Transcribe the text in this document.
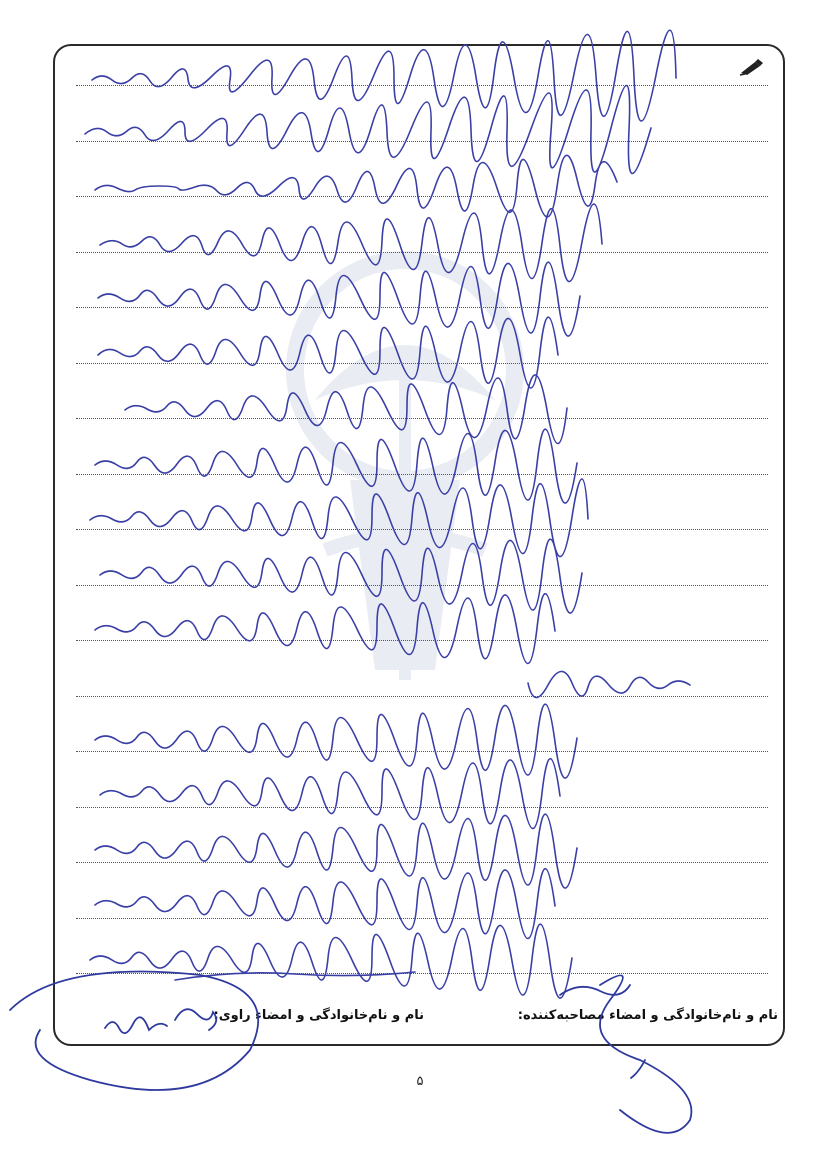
نام و نام‌خانوادگی و امضاء مصاحبه‌کننده:
نام و نام‌خانوادگی و امضاء راوی:
۵
